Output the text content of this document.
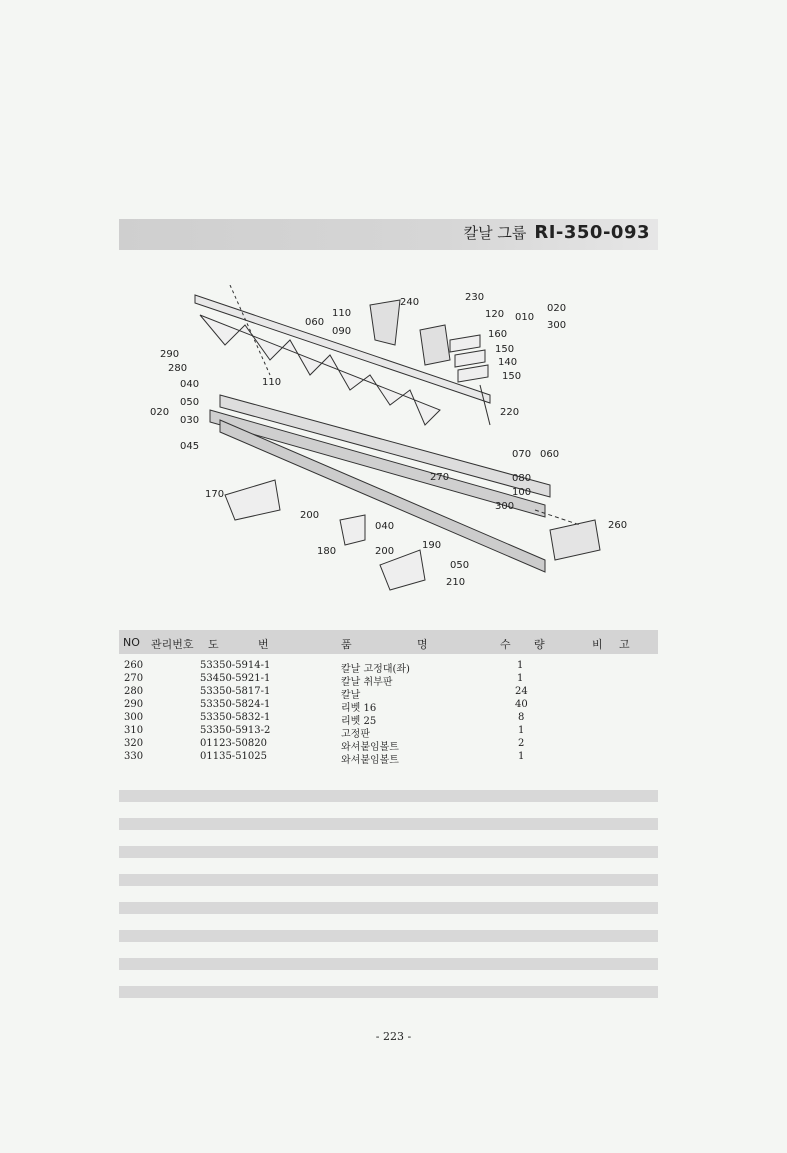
칼날 그룹 RI-350-093
240	230
120
160
150
140
150
220
010
020
300
060
110
090
290
280
110
040
050
020
030
045
070 060
080
100
270
300
260
170
200
180	200
040
190
050
210
NO 관리번호 도	번	품	명	수 량	비 고
260	53350-5914-1	칼날 고정대(좌)	1
270	53450-5921-1	칼날 취부판	1
280	53350-5817-1	칼날	24
290	53350-5824-1	리벳 16	40
300	53350-5832-1	리벳 25	8
310	53350-5913-2	고정판	1
320	01123-50820	와셔붙임볼트	2
330	01135-51025	와셔붙임볼트	1
- 223 -
